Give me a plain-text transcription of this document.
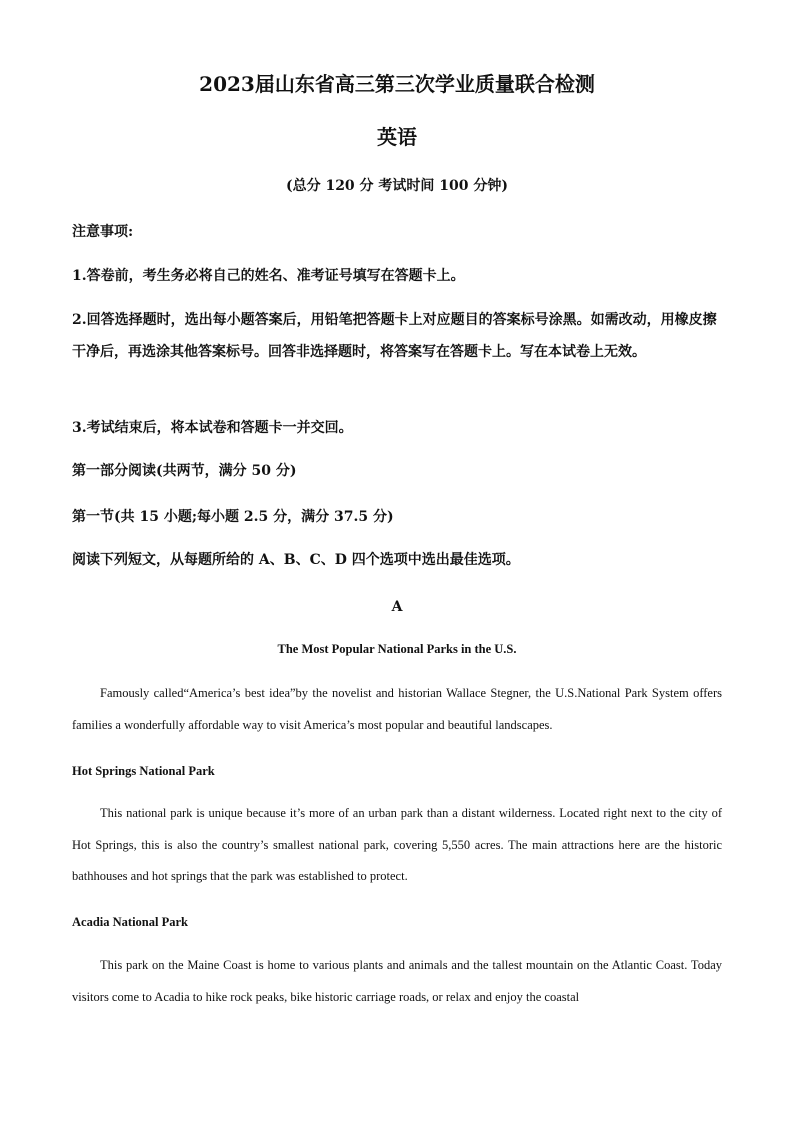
2023届山东省高三第三次学业质量联合检测
英语

(总分 120 分 考试时间 100 分钟)

注意事项:

1.答卷前，考生务必将自己的姓名、准考证号填写在答题卡上。

2.回答选择题时，选出每小题答案后，用铅笔把答题卡上对应题目的答案标号涂黑。如需改动，用橡皮擦干净后，再选涂其他答案标号。回答非选择题时，将答案写在答题卡上。写在本试卷上无效。

3.考试结束后，将本试卷和答题卡一并交回。

第一部分阅读(共两节，满分 50 分)

第一节(共 15 小题;每小题 2.5 分，满分 37.5 分)

阅读下列短文，从每题所给的 A、B、C、D 四个选项中选出最佳选项。

A

The Most Popular National Parks in the U.S.

Famously called“America’s best idea”by the novelist and historian Wallace Stegner, the U.S.National Park System offers families a wonderfully affordable way to visit America’s most popular and beautiful landscapes.

Hot Springs National Park

This national park is unique because it’s more of an urban park than a distant wilderness. Located right next to the city of Hot Springs, this is also the country’s smallest national park, covering 5,550 acres. The main attractions here are the historic bathhouses and hot springs that the park was established to protect.

Acadia National Park

This park on the Maine Coast is home to various plants and animals and the tallest mountain on the Atlantic Coast. Today visitors come to Acadia to hike rock peaks, bike historic carriage roads, or relax and enjoy the coastal
